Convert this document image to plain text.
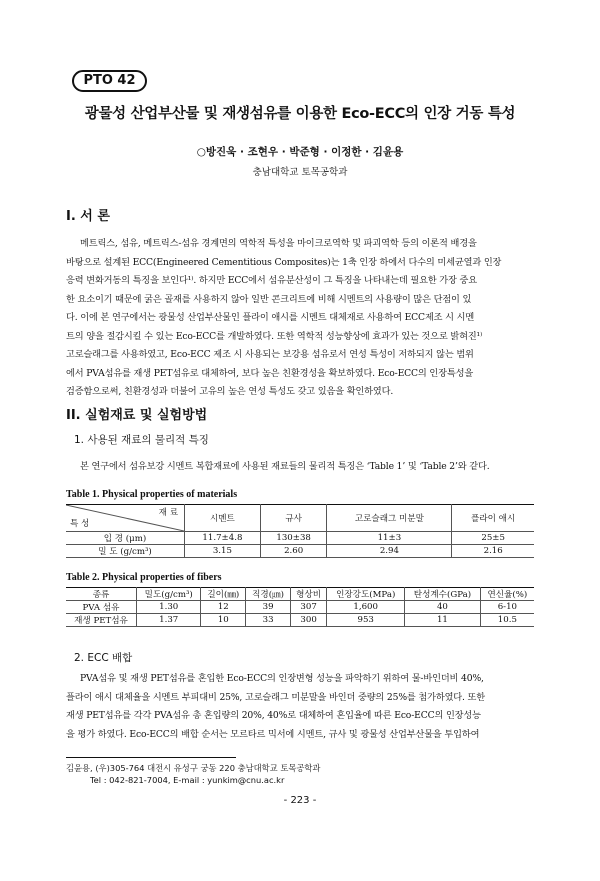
PTO 42
광물성 산업부산물 및 재생섬유를 이용한 Eco-ECC의 인장 거동 특성
○방진욱 · 조현우 · 박준형 · 이정한 · 김윤용
충남대학교 토목공학과
I. 서 론
메트릭스, 섬유, 메트릭스-섬유 경계면의 역학적 특성을 마이크로역학 및 파괴역학 등의 이론적 배경을
바탕으로 설계된 ECC(Engineered Cementitious Composites)는 1축 인장 하에서 다수의 미세균열과 인장
응력 변화거동의 특징을 보인다¹⁾. 하지만 ECC에서 섬유분산성이 그 특징을 나타내는데 필요한 가장 중요
한 요소이기 때문에 굵은 골재를 사용하지 않아 일반 콘크리트에 비해 시멘트의 사용량이 많은 단점이 있
다. 이에 본 연구에서는 광물성 산업부산물인 플라이 애시를 시멘트 대체재로 사용하여 ECC제조 시 시멘
트의 양을 절감시킬 수 있는 Eco-ECC를 개발하였다. 또한 역학적 성능향상에 효과가 있는 것으로 밝혀진¹⁾
고로슬래그를 사용하였고, Eco-ECC 제조 시 사용되는 보강용 섬유로서 연성 특성이 저하되지 않는 범위
에서 PVA섬유를 재생 PET섬유로 대체하여, 보다 높은 친환경성을 확보하였다. Eco-ECC의 인장특성을
검증함으로써, 친환경성과 더불어 고유의 높은 연성 특성도 갖고 있음을 확인하였다.
II. 실험재료 및 실험방법
1. 사용된 재료의 물리적 특징
본 연구에서 섬유보강 시멘트 복합재료에 사용된 재료들의 물리적 특징은 ‘Table 1’ 및 ‘Table 2’와 같다.
Table 1. Physical properties of materials
재 료
특 성	시멘트	규사	고로슬래그 미분말	플라이 애시
입 경 (μm)	11.7±4.8	130±38	11±3	25±5
밀 도 (g/cm³)	3.15	2.60	2.94	2.16
Table 2. Physical properties of fibers
종류	밀도(g/cm³)	길이(㎜)	직경(㎛)	형상비	인장강도(MPa)	탄성계수(GPa)	연신율(%)
PVA 섬유	1.30	12	39	307	1,600	40	6-10
재생 PET섬유	1.37	10	33	300	953	11	10.5
2. ECC 배합
PVA섬유 및 재생 PET섬유를 혼입한 Eco-ECC의 인장변형 성능을 파악하기 위하여 물-바인더비 40%,
플라이 애시 대체율을 시멘트 부피대비 25%, 고로슬래그 미분말을 바인더 중량의 25%를 첨가하였다. 또한
재생 PET섬유를 각각 PVA섬유 총 혼입량의 20%, 40%로 대체하여 혼입율에 따른 Eco-ECC의 인장성능
을 평가 하였다. Eco-ECC의 배합 순서는 모르타르 믹서에 시멘트, 규사 및 광물성 산업부산물을 투입하여
김윤용, (우)305-764 대전시 유성구 궁동 220 충남대학교 토목공학과
Tel : 042-821-7004, E-mail : yunkim@cnu.ac.kr
- 223 -
